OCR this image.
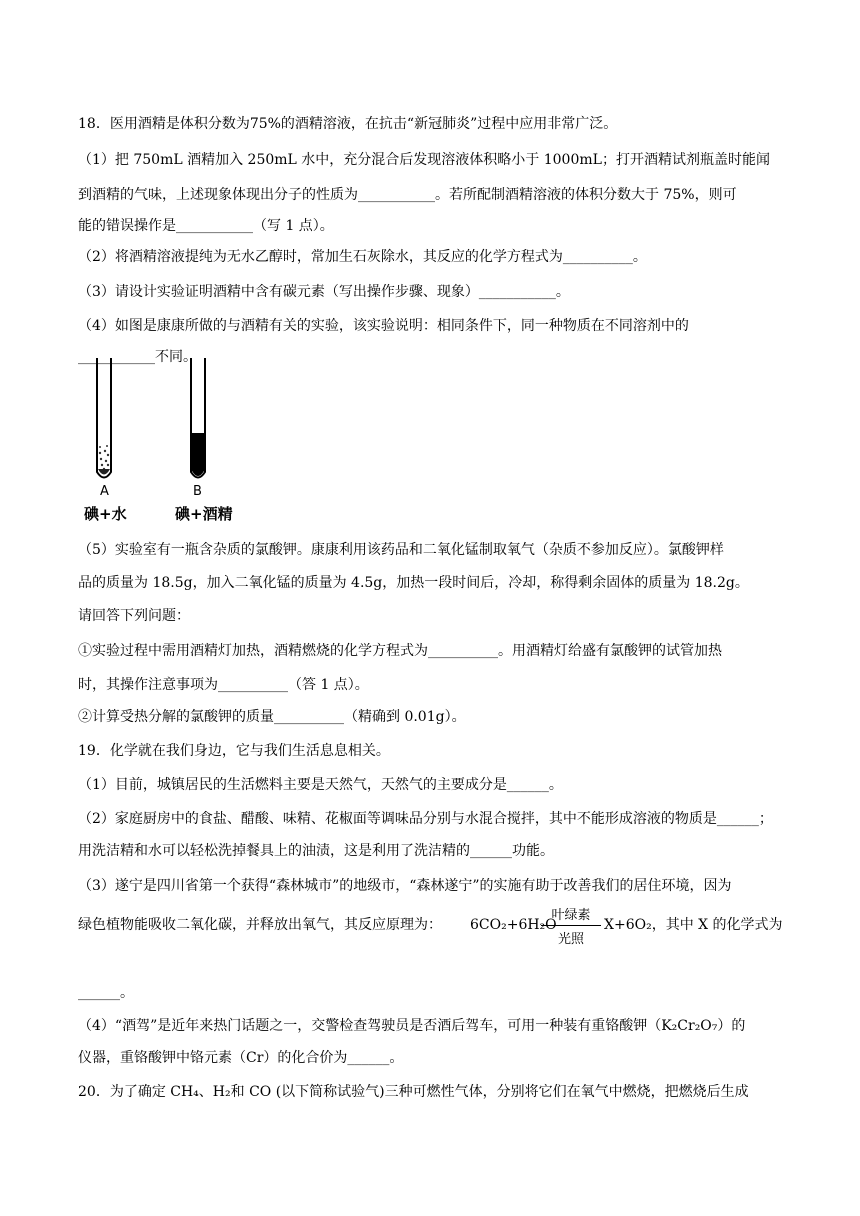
18．医用酒精是体积分数为75%的酒精溶液，在抗击“新冠肺炎”过程中应用非常广泛。
（1）把 750mL 酒精加入 250mL 水中，充分混合后发现溶液体积略小于 1000mL；打开酒精试剂瓶盖时能闻
到酒精的气味，上述现象体现出分子的性质为___________。若所配制酒精溶液的体积分数大于 75%，则可
能的错误操作是___________（写 1 点）。
（2）将酒精溶液提纯为无水乙醇时，常加生石灰除水，其反应的化学方程式为__________。
（3）请设计实验证明酒精中含有碳元素（写出操作步骤、现象）___________。
（4）如图是康康所做的与酒精有关的实验，该实验说明：相同条件下，同一种物质在不同溶剂中的
___________不同。
A	B
碘+水	碘+酒精
（5）实验室有一瓶含杂质的氯酸钾。康康利用该药品和二氧化锰制取氧气（杂质不参加反应）。氯酸钾样
品的质量为 18.5g，加入二氧化锰的质量为 4.5g，加热一段时间后，冷却，称得剩余固体的质量为 18.2g。
请回答下列问题：
①实验过程中需用酒精灯加热，酒精燃烧的化学方程式为__________。用酒精灯给盛有氯酸钾的试管加热
时，其操作注意事项为__________（答 1 点）。
②计算受热分解的氯酸钾的质量__________（精确到 0.01g）。
19．化学就在我们身边，它与我们生活息息相关。
（1）目前，城镇居民的生活燃料主要是天然气，天然气的主要成分是______。
（2）家庭厨房中的食盐、醋酸、味精、花椒面等调味品分别与水混合搅拌，其中不能形成溶液的物质是______；
用洗洁精和水可以轻松洗掉餐具上的油渍，这是利用了洗洁精的______功能。
（3）遂宁是四川省第一个获得“森林城市”的地级市，“森林遂宁”的实施有助于改善我们的居住环境，因为
绿色植物能吸收二氧化碳，并释放出氧气，其反应原理为： 6CO₂+6H₂O
叶绿素
光照
X+6O₂，其中 X 的化学式为
______。
（4）“酒驾”是近年来热门话题之一，交警检查驾驶员是否酒后驾车，可用一种装有重铬酸钾（K₂Cr₂O₇）的
仪器，重铬酸钾中铬元素（Cr）的化合价为______。
20．为了确定 CH₄、H₂和 CO (以下简称试验气)三种可燃性气体，分别将它们在氧气中燃烧，把燃烧后生成
